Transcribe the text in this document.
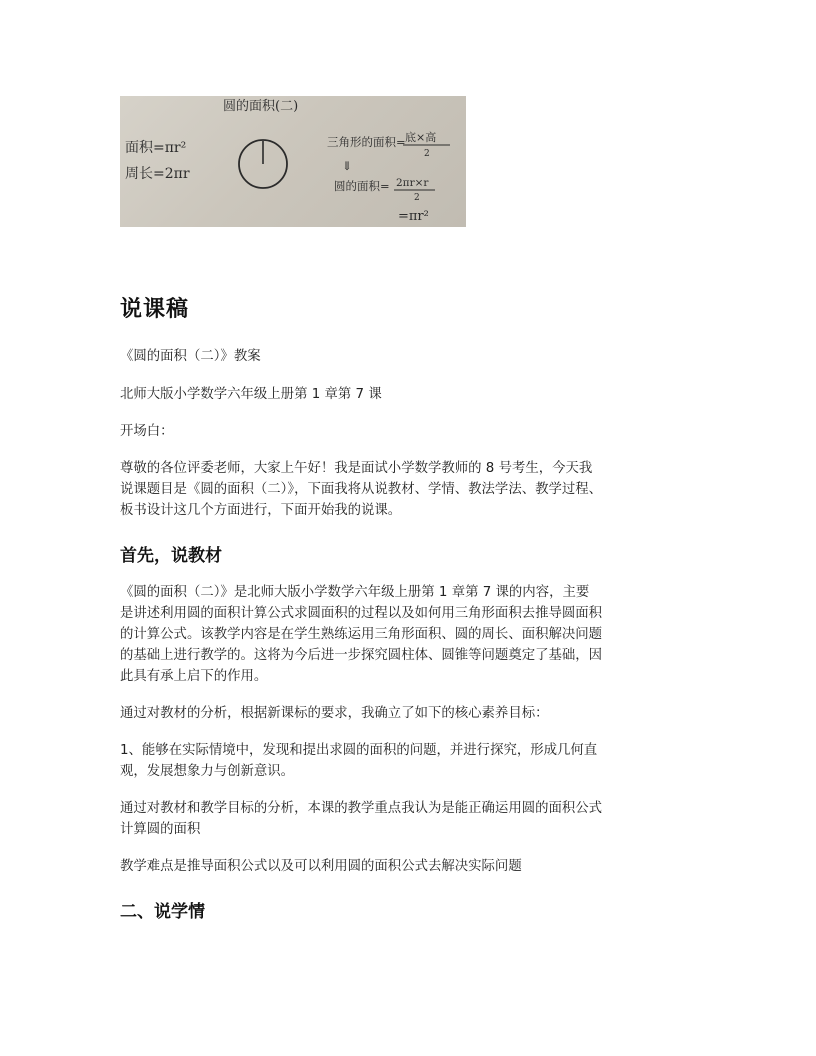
圆的面积(二)
面积=πr²
周长=2πr
三角形的面积= 底×高
2
⇓
圆的面积= 2πr×r
2
=πr²
说课稿

《圆的面积（二）》教案

北师大版小学数学六年级上册第 1 章第 7 课

开场白：

尊敬的各位评委老师，大家上午好！我是面试小学数学教师的 8 号考生，今天我

说课题目是《圆的面积（二）》，下面我将从说教材、学情、教法学法、教学过程、

板书设计这几个方面进行，下面开始我的说课。

首先，说教材

《圆的面积（二）》是北师大版小学数学六年级上册第 1 章第 7 课的内容，主要

是讲述利用圆的面积计算公式求圆面积的过程以及如何用三角形面积去推导圆面积

的计算公式。该教学内容是在学生熟练运用三角形面积、圆的周长、面积解决问题

的基础上进行教学的。这将为今后进一步探究圆柱体、圆锥等问题奠定了基础，因

此具有承上启下的作用。

通过对教材的分析，根据新课标的要求，我确立了如下的核心素养目标：

1、能够在实际情境中，发现和提出求圆的面积的问题，并进行探究，形成几何直

观，发展想象力与创新意识。

通过对教材和教学目标的分析，本课的教学重点我认为是能正确运用圆的面积公式

计算圆的面积

教学难点是推导面积公式以及可以利用圆的面积公式去解决实际问题

二、说学情
